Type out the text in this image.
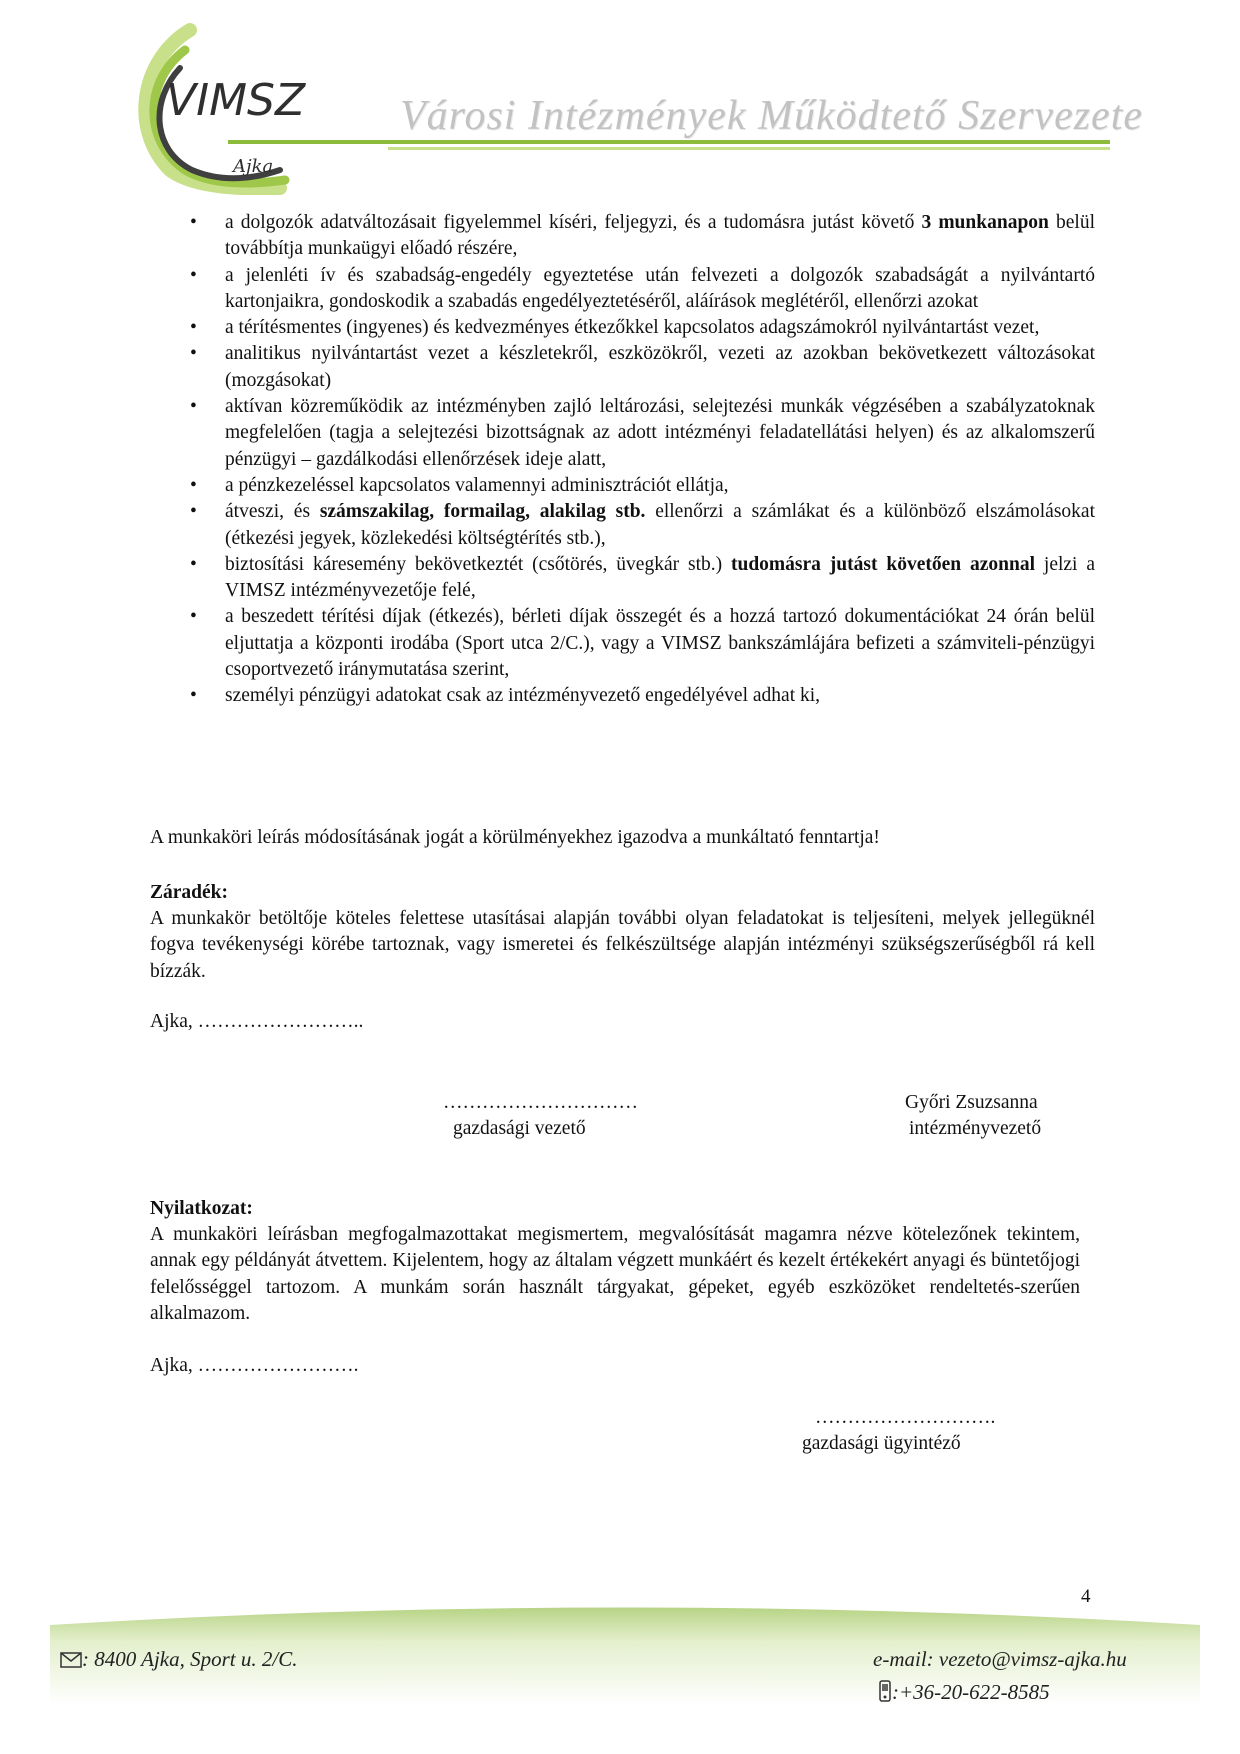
VIMSZ
Ajka
Városi Intézmények Működtető Szervezete
• a dolgozók adatváltozásait figyelemmel kíséri, feljegyzi, és a tudomásra jutást követő 3 munkanapon belül továbbítja munkaügyi előadó részére,
• a jelenléti ív és szabadság-engedély egyeztetése után felvezeti a dolgozók szabadságát a nyilvántartó kartonjaikra, gondoskodik a szabadás engedélyeztetéséről, aláírások meglétéről, ellenőrzi azokat
• a térítésmentes (ingyenes) és kedvezményes étkezőkkel kapcsolatos adagszámokról nyilvántartást vezet,
• analitikus nyilvántartást vezet a készletekről, eszközökről, vezeti az azokban bekövetkezett változásokat (mozgásokat)
• aktívan közreműködik az intézményben zajló leltározási, selejtezési munkák végzésében a szabályzatoknak megfelelően (tagja a selejtezési bizottságnak az adott intézményi feladatellátási helyen) és az alkalomszerű pénzügyi – gazdálkodási ellenőrzések ideje alatt,
• a pénzkezeléssel kapcsolatos valamennyi adminisztrációt ellátja,
• átveszi, és számszakilag, formailag, alakilag stb. ellenőrzi a számlákat és a különböző elszámolásokat (étkezési jegyek, közlekedési költségtérítés stb.),
• biztosítási káresemény bekövetkeztét (csőtörés, üvegkár stb.) tudomásra jutást követően azonnal jelzi a VIMSZ intézményvezetője felé,
• a beszedett térítési díjak (étkezés), bérleti díjak összegét és a hozzá tartozó dokumentációkat 24 órán belül eljuttatja a központi irodába (Sport utca 2/C.), vagy a VIMSZ bankszámlájára befizeti a számviteli-pénzügyi csoportvezető iránymutatása szerint,
• személyi pénzügyi adatokat csak az intézményvezető engedélyével adhat ki,
A munkaköri leírás módosításának jogát a körülményekhez igazodva a munkáltató fenntartja!
Záradék:
A munkakör betöltője köteles felettese utasításai alapján további olyan feladatokat is teljesíteni, melyek jellegüknél fogva tevékenységi körébe tartoznak, vagy ismeretei és felkészültsége alapján intézményi szükségszerűségből rá kell bízzák.
Ajka, ……………………..
…………………………
gazdasági vezető
Győri Zsuzsanna
intézményvezető
Nyilatkozat:
A munkaköri leírásban megfogalmazottakat megismertem, megvalósítását magamra nézve kötelezőnek tekintem, annak egy példányát átvettem. Kijelentem, hogy az általam végzett munkáért és kezelt értékekért anyagi és büntetőjogi felelősséggel tartozom. A munkám során használt tárgyakat, gépeket, egyéb eszközöket rendeltetés-szerűen alkalmazom.
Ajka, …………………….
……………………….
gazdasági ügyintéző
4
: 8400 Ajka, Sport u. 2/C.	e-mail: vezeto@vimsz-ajka.hu
:+36-20-622-8585
